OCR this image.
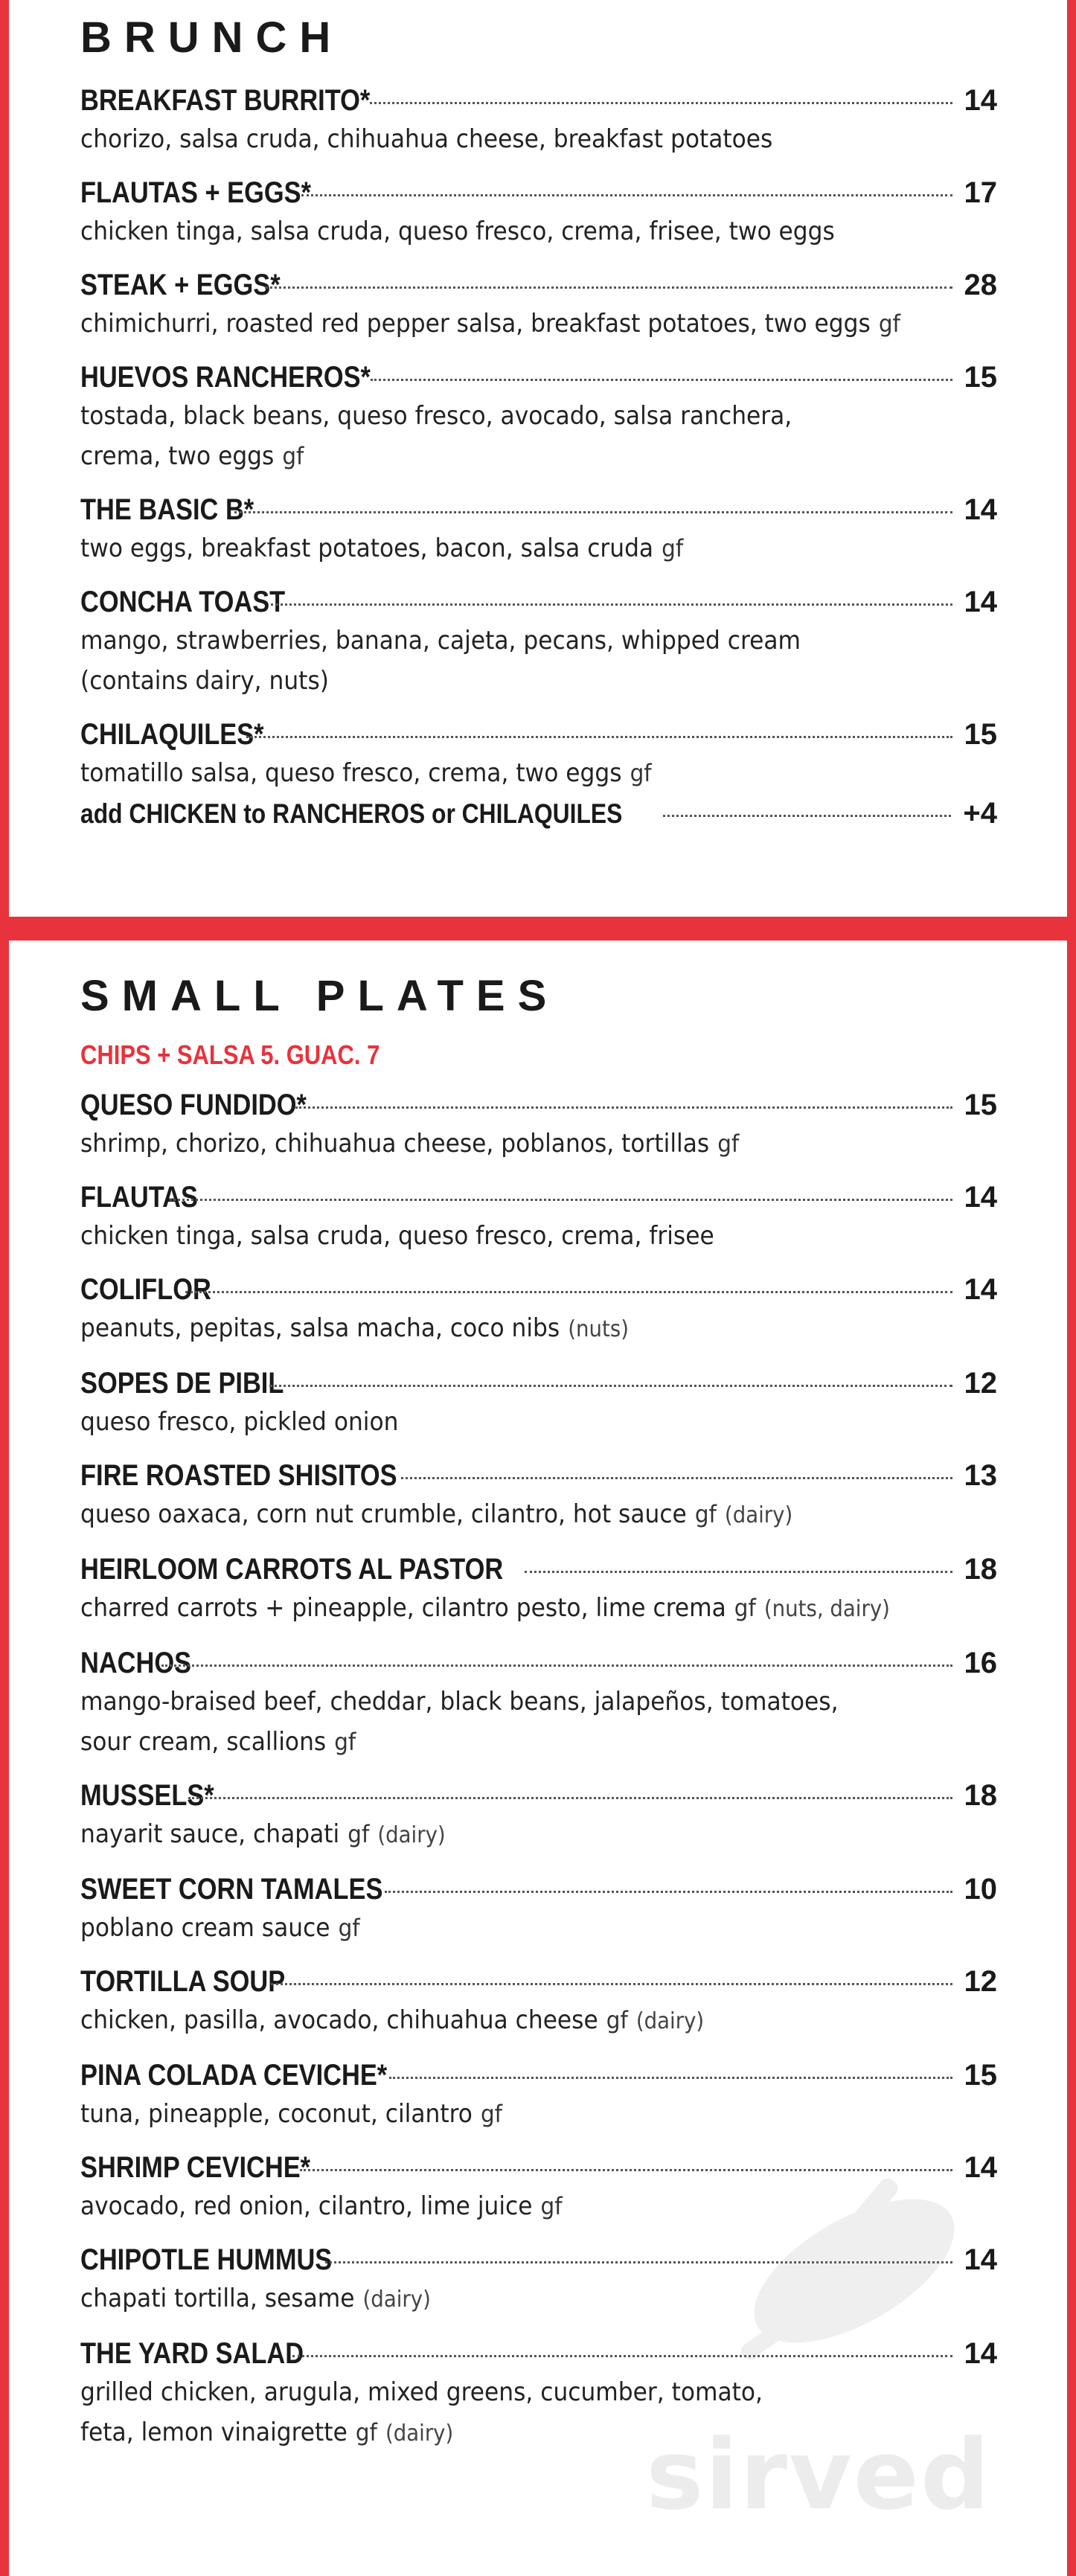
BRUNCH
BREAKFAST BURRITO*	14
chorizo, salsa cruda, chihuahua cheese, breakfast potatoes
FLAUTAS + EGGS*	17
chicken tinga, salsa cruda, queso fresco, crema, frisee, two eggs
STEAK + EGGS*	28
chimichurri, roasted red pepper salsa, breakfast potatoes, two eggs gf
HUEVOS RANCHEROS*	15
tostada, black beans, queso fresco, avocado, salsa ranchera,
crema, two eggs gf
THE BASIC B*	14
two eggs, breakfast potatoes, bacon, salsa cruda gf
CONCHA TOAST	14
mango, strawberries, banana, cajeta, pecans, whipped cream
(contains dairy, nuts)
CHILAQUILES*	15
tomatillo salsa, queso fresco, crema, two eggs gf
add CHICKEN to RANCHEROS or CHILAQUILES	+4
SMALL PLATES
CHIPS + SALSA 5. GUAC. 7
QUESO FUNDIDO*	15
shrimp, chorizo, chihuahua cheese, poblanos, tortillas gf
FLAUTAS	14
chicken tinga, salsa cruda, queso fresco, crema, frisee
COLIFLOR	14
peanuts, pepitas, salsa macha, coco nibs (nuts)
SOPES DE PIBIL	12
queso fresco, pickled onion
FIRE ROASTED SHISITOS	13
queso oaxaca, corn nut crumble, cilantro, hot sauce gf (dairy)
HEIRLOOM CARROTS AL PASTOR	18
charred carrots + pineapple, cilantro pesto, lime crema gf (nuts, dairy)
NACHOS	16
mango-braised beef, cheddar, black beans, jalapeños, tomatoes,
sour cream, scallions gf
MUSSELS*	18
nayarit sauce, chapati gf (dairy)
SWEET CORN TAMALES	10
poblano cream sauce gf
TORTILLA SOUP	12
chicken, pasilla, avocado, chihuahua cheese gf (dairy)
PINA COLADA CEVICHE*	15
tuna, pineapple, coconut, cilantro gf
SHRIMP CEVICHE*	14
avocado, red onion, cilantro, lime juice gf
CHIPOTLE HUMMUS	14
chapati tortilla, sesame (dairy)
THE YARD SALAD	14
grilled chicken, arugula, mixed greens, cucumber, tomato,
feta, lemon vinaigrette gf (dairy)	sirved
